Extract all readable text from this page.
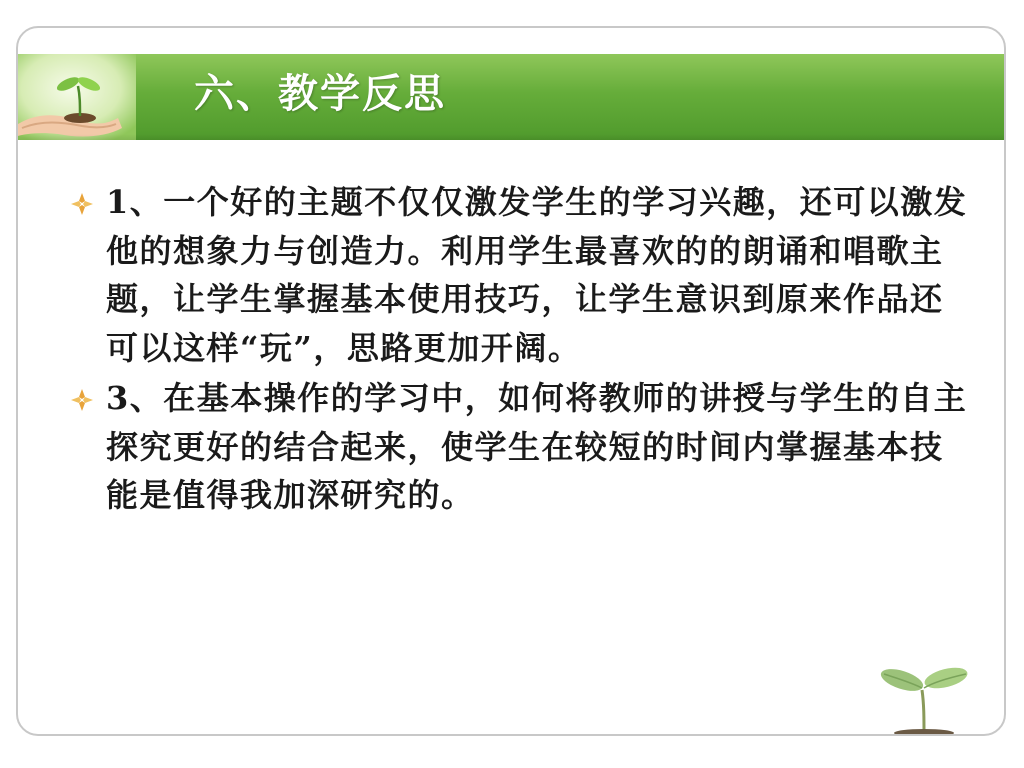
六、教学反思
1、一个好的主题不仅仅激发学生的学习兴趣，还可以激发他的想象力与创造力。利用学生最喜欢的的朗诵和唱歌主题，让学生掌握基本使用技巧，让学生意识到原来作品还可以这样“玩”，思路更加开阔。
3、在基本操作的学习中，如何将教师的讲授与学生的自主探究更好的结合起来，使学生在较短的时间内掌握基本技能是值得我加深研究的。
